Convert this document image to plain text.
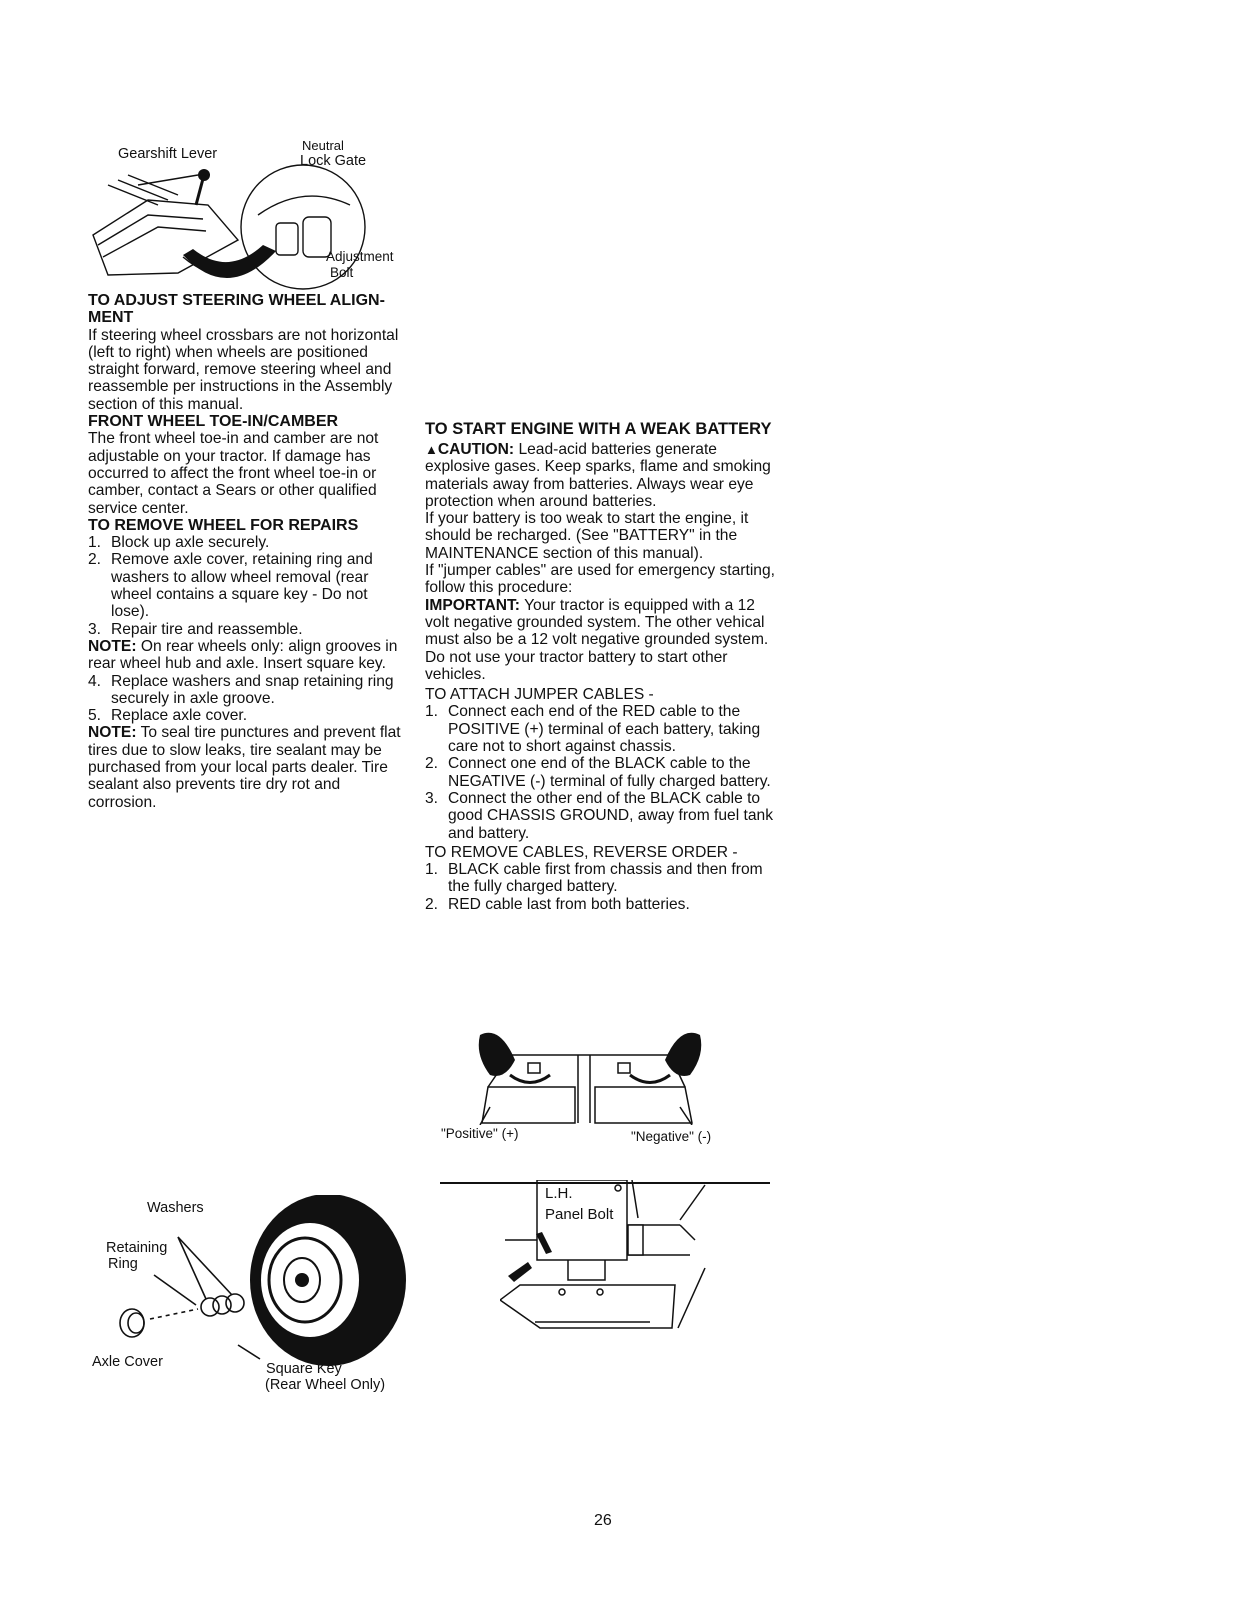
Gearshift Lever
Neutral
Lock Gate
Adjustment
Bolt

TO ADJUST STEERING WHEEL ALIGN-MENT

If steering wheel crossbars are not horizontal (left to right) when wheels are positioned straight forward, remove steering wheel and reassemble per instructions in the Assembly section of this manual.

FRONT WHEEL TOE-IN/CAMBER

The front wheel toe-in and camber are not adjustable on your tractor. If damage has occurred to affect the front wheel toe-in or camber, contact a Sears or other qualified service center.

TO REMOVE WHEEL FOR REPAIRS

1. Block up axle securely.
2. Remove axle cover, retaining ring and washers to allow wheel removal (rear wheel contains a square key - Do not lose).
3. Repair tire and reassemble.

NOTE: On rear wheels only: align grooves in rear wheel hub and axle. Insert square key.

4. Replace washers and snap retaining ring securely in axle groove.
5. Replace axle cover.

NOTE: To seal tire punctures and prevent flat tires due to slow leaks, tire sealant may be purchased from your local parts dealer. Tire sealant also prevents tire dry rot and corrosion.

Washers
Retaining
Ring
Axle Cover	Square Key
(Rear Wheel Only)

TO START ENGINE WITH A WEAK BATTERY

▲CAUTION: Lead-acid batteries generate explosive gases. Keep sparks, flame and smoking materials away from batteries. Always wear eye protection when around batteries.

If your battery is too weak to start the engine, it should be recharged. (See "BATTERY" in the MAINTENANCE section of this manual).

If "jumper cables" are used for emergency starting, follow this procedure:

IMPORTANT: Your tractor is equipped with a 12 volt negative grounded system. The other vehical must also be a 12 volt negative grounded system. Do not use your tractor battery to start other vehicles.

TO ATTACH JUMPER CABLES -

1. Connect each end of the RED cable to the POSITIVE (+) terminal of each battery, taking care not to short against chassis.
2. Connect one end of the BLACK cable to the NEGATIVE (-) terminal of fully charged battery.
3. Connect the other end of the BLACK cable to good CHASSIS GROUND, away from fuel tank and battery.

TO REMOVE CABLES, REVERSE ORDER -

1. BLACK cable first from chassis and then from the fully charged battery.
2. RED cable last from both batteries.
"Positive" (+)	"Negative" (-)
L.H.
Panel Bolt
26
